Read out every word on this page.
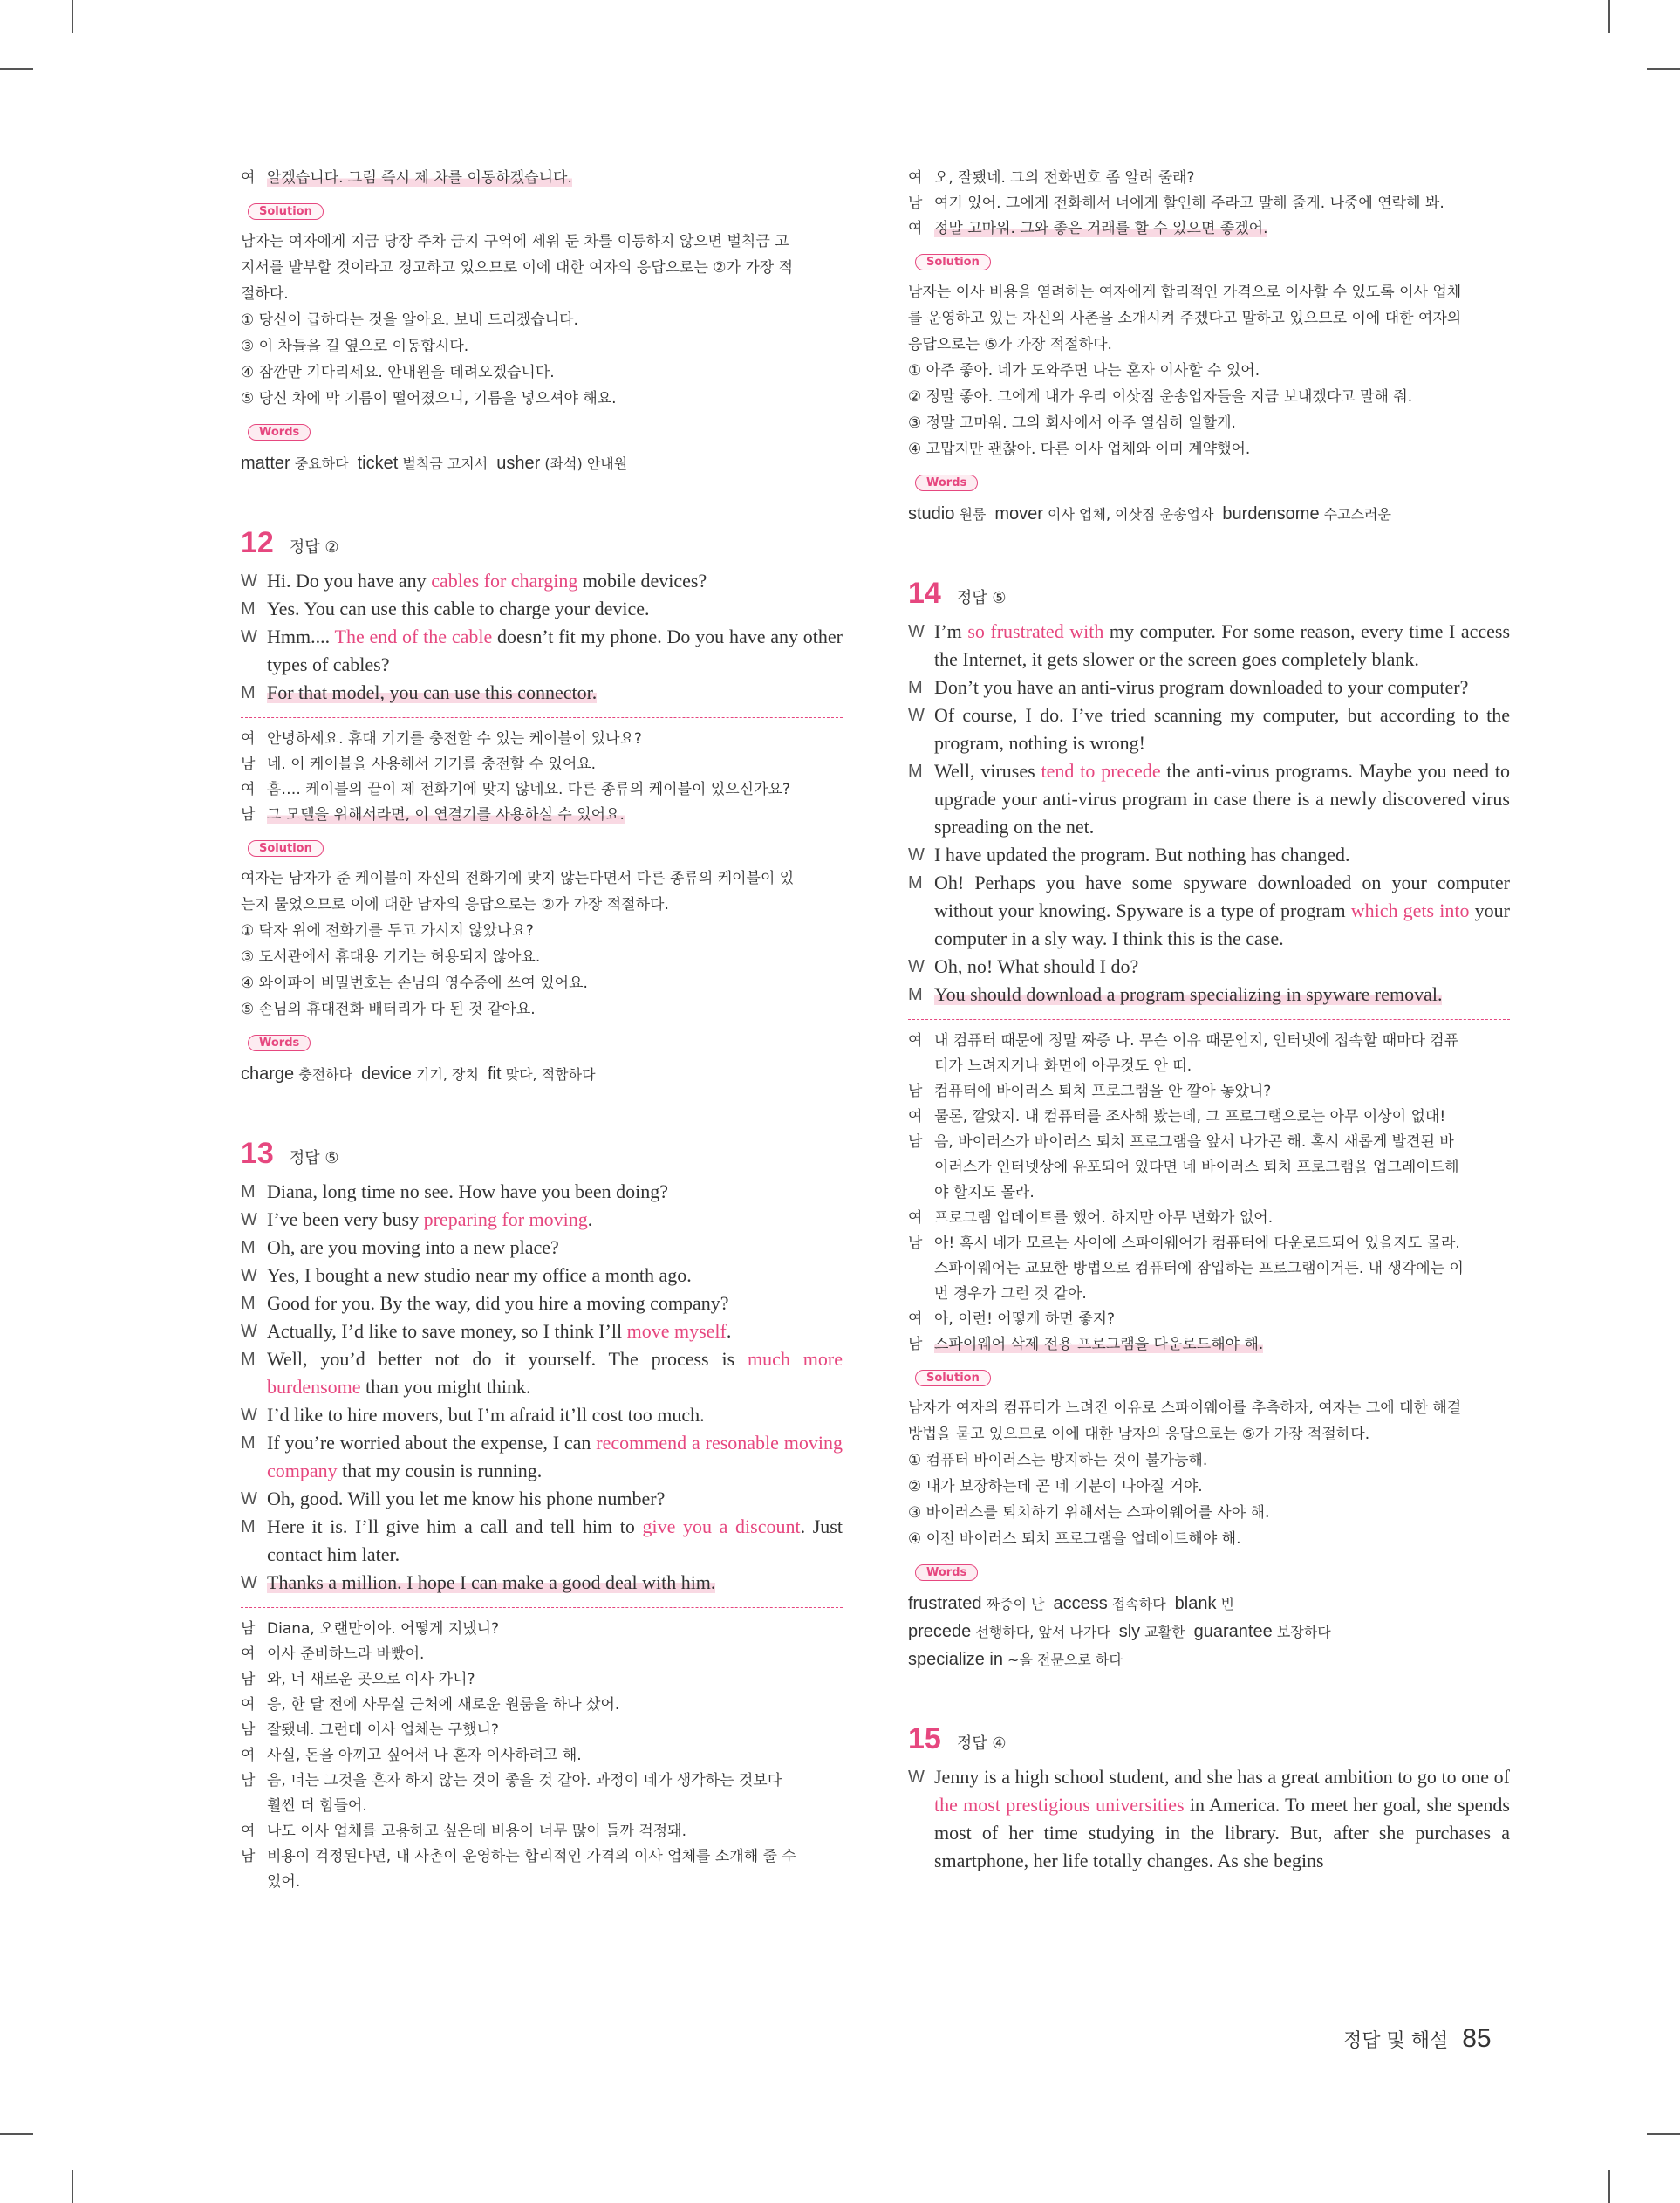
여 알겠습니다. 그럼 즉시 제 차를 이동하겠습니다.
Solution
남자는 여자에게 지금 당장 주차 금지 구역에 세워 둔 차를 이동하지 않으면 벌칙금 고
지서를 발부할 것이라고 경고하고 있으므로 이에 대한 여자의 응답으로는 ②가 가장 적
절하다.
① 당신이 급하다는 것을 알아요. 보내 드리겠습니다.
③ 이 차들을 길 옆으로 이동합시다.
④ 잠깐만 기다리세요. 안내원을 데려오겠습니다.
⑤ 당신 차에 막 기름이 떨어졌으니, 기름을 넣으셔야 해요.
Words
matter 중요하다 ticket 벌칙금 고지서 usher (좌석) 안내원
12 정답 ②
W Hi. Do you have any cables for charging mobile devices?
M Yes. You can use this cable to charge your device.
W Hmm.... The end of the cable doesn’t fit my phone. Do you have any other types of cables?
M For that model, you can use this connector.
여 안녕하세요. 휴대 기기를 충전할 수 있는 케이블이 있나요?
남 네. 이 케이블을 사용해서 기기를 충전할 수 있어요.
여 흠…. 케이블의 끝이 제 전화기에 맞지 않네요. 다른 종류의 케이블이 있으신가요?
남 그 모델을 위해서라면, 이 연결기를 사용하실 수 있어요.
Solution
여자는 남자가 준 케이블이 자신의 전화기에 맞지 않는다면서 다른 종류의 케이블이 있
는지 물었으므로 이에 대한 남자의 응답으로는 ②가 가장 적절하다.
① 탁자 위에 전화기를 두고 가시지 않았나요?
③ 도서관에서 휴대용 기기는 허용되지 않아요.
④ 와이파이 비밀번호는 손님의 영수증에 쓰여 있어요.
⑤ 손님의 휴대전화 배터리가 다 된 것 같아요.
Words
charge 충전하다 device 기기, 장치 fit 맞다, 적합하다
13 정답 ⑤
M Diana, long time no see. How have you been doing?
W I’ve been very busy preparing for moving.
M Oh, are you moving into a new place?
W Yes, I bought a new studio near my office a month ago.
M Good for you. By the way, did you hire a moving company?
W Actually, I’d like to save money, so I think I’ll move myself.
M Well, you’d better not do it yourself. The process is much more burdensome than you might think.
W I’d like to hire movers, but I’m afraid it’ll cost too much.
M If you’re worried about the expense, I can recommend a resonable moving company that my cousin is running.
W Oh, good. Will you let me know his phone number?
M Here it is. I’ll give him a call and tell him to give you a discount. Just contact him later.
W Thanks a million. I hope I can make a good deal with him.
남 Diana, 오랜만이야. 어떻게 지냈니?
여 이사 준비하느라 바빴어.
남 와, 너 새로운 곳으로 이사 가니?
여 응, 한 달 전에 사무실 근처에 새로운 원룸을 하나 샀어.
남 잘됐네. 그런데 이사 업체는 구했니?
여 사실, 돈을 아끼고 싶어서 나 혼자 이사하려고 해.
남 음, 너는 그것을 혼자 하지 않는 것이 좋을 것 같아. 과정이 네가 생각하는 것보다
훨씬 더 힘들어.
여 나도 이사 업체를 고용하고 싶은데 비용이 너무 많이 들까 걱정돼.
남 비용이 걱정된다면, 내 사촌이 운영하는 합리적인 가격의 이사 업체를 소개해 줄 수
있어.
여 오, 잘됐네. 그의 전화번호 좀 알려 줄래?
남 여기 있어. 그에게 전화해서 너에게 할인해 주라고 말해 줄게. 나중에 연락해 봐.
여 정말 고마워. 그와 좋은 거래를 할 수 있으면 좋겠어.
Solution
남자는 이사 비용을 염려하는 여자에게 합리적인 가격으로 이사할 수 있도록 이사 업체
를 운영하고 있는 자신의 사촌을 소개시켜 주겠다고 말하고 있으므로 이에 대한 여자의
응답으로는 ⑤가 가장 적절하다.
① 아주 좋아. 네가 도와주면 나는 혼자 이사할 수 있어.
② 정말 좋아. 그에게 내가 우리 이삿짐 운송업자들을 지금 보내겠다고 말해 줘.
③ 정말 고마워. 그의 회사에서 아주 열심히 일할게.
④ 고맙지만 괜찮아. 다른 이사 업체와 이미 계약했어.
Words
studio 원룸 mover 이사 업체, 이삿짐 운송업자 burdensome 수고스러운
14 정답 ⑤
W I’m so frustrated with my computer. For some reason, every time I access the Internet, it gets slower or the screen goes completely blank.
M Don’t you have an anti-virus program downloaded to your computer?
W Of course, I do. I’ve tried scanning my computer, but according to the program, nothing is wrong!
M Well, viruses tend to precede the anti-virus programs. Maybe you need to upgrade your anti-virus program in case there is a newly discovered virus spreading on the net.
W I have updated the program. But nothing has changed.
M Oh! Perhaps you have some spyware downloaded on your computer without your knowing. Spyware is a type of program which gets into your computer in a sly way. I think this is the case.
W Oh, no! What should I do?
M You should download a program specializing in spyware removal.
여 내 컴퓨터 때문에 정말 짜증 나. 무슨 이유 때문인지, 인터넷에 접속할 때마다 컴퓨
터가 느려지거나 화면에 아무것도 안 떠.
남 컴퓨터에 바이러스 퇴치 프로그램을 안 깔아 놓았니?
여 물론, 깔았지. 내 컴퓨터를 조사해 봤는데, 그 프로그램으로는 아무 이상이 없대!
남 음, 바이러스가 바이러스 퇴치 프로그램을 앞서 나가곤 해. 혹시 새롭게 발견된 바
이러스가 인터넷상에 유포되어 있다면 네 바이러스 퇴치 프로그램을 업그레이드해
야 할지도 몰라.
여 프로그램 업데이트를 했어. 하지만 아무 변화가 없어.
남 아! 혹시 네가 모르는 사이에 스파이웨어가 컴퓨터에 다운로드되어 있을지도 몰라.
스파이웨어는 교묘한 방법으로 컴퓨터에 잠입하는 프로그램이거든. 내 생각에는 이
번 경우가 그런 것 같아.
여 아, 이런! 어떻게 하면 좋지?
남 스파이웨어 삭제 전용 프로그램을 다운로드해야 해.
Solution
남자가 여자의 컴퓨터가 느려진 이유로 스파이웨어를 추측하자, 여자는 그에 대한 해결
방법을 묻고 있으므로 이에 대한 남자의 응답으로는 ⑤가 가장 적절하다.
① 컴퓨터 바이러스는 방지하는 것이 불가능해.
② 내가 보장하는데 곧 네 기분이 나아질 거야.
③ 바이러스를 퇴치하기 위해서는 스파이웨어를 사야 해.
④ 이전 바이러스 퇴치 프로그램을 업데이트해야 해.
Words
frustrated 짜증이 난 access 접속하다 blank 빈
precede 선행하다, 앞서 나가다 sly 교활한 guarantee 보장하다
specialize in ~을 전문으로 하다
15 정답 ④
W Jenny is a high school student, and she has a great ambition to go to one of the most prestigious universities in America. To meet her goal, she spends most of her time studying in the library. But, after she purchases a smartphone, her life totally changes. As she begins
정답 및 해설 85
